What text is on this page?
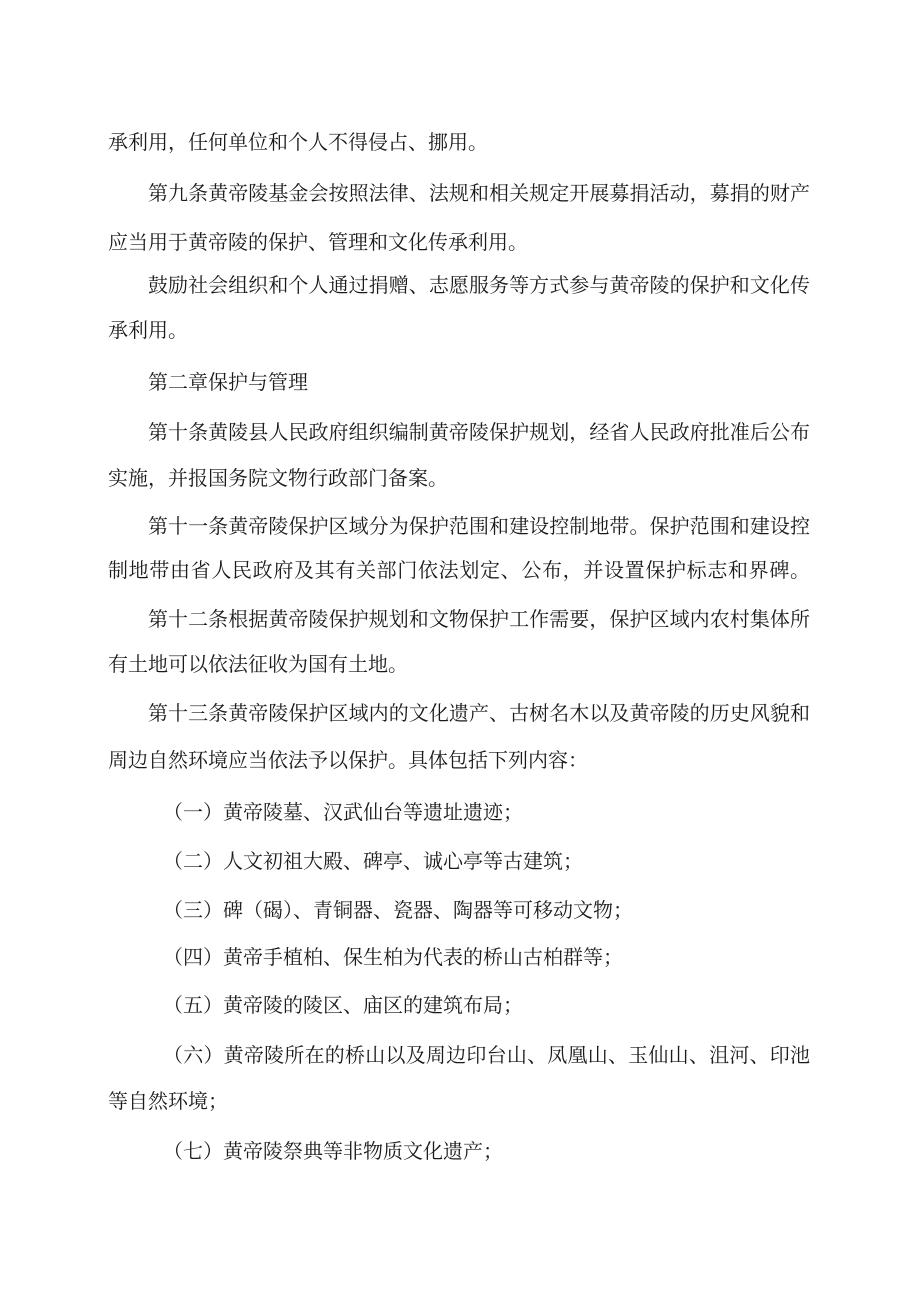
承利用，任何单位和个人不得侵占、挪用。
第九条黄帝陵基金会按照法律、法规和相关规定开展募捐活动，募捐的财产
应当用于黄帝陵的保护、管理和文化传承利用。
鼓励社会组织和个人通过捐赠、志愿服务等方式参与黄帝陵的保护和文化传
承利用。
第二章保护与管理
第十条黄陵县人民政府组织编制黄帝陵保护规划，经省人民政府批准后公布
实施，并报国务院文物行政部门备案。
第十一条黄帝陵保护区域分为保护范围和建设控制地带。保护范围和建设控
制地带由省人民政府及其有关部门依法划定、公布，并设置保护标志和界碑。
第十二条根据黄帝陵保护规划和文物保护工作需要，保护区域内农村集体所
有土地可以依法征收为国有土地。
第十三条黄帝陵保护区域内的文化遗产、古树名木以及黄帝陵的历史风貌和
周边自然环境应当依法予以保护。具体包括下列内容：
（一）黄帝陵墓、汉武仙台等遗址遗迹；
（二）人文初祖大殿、碑亭、诚心亭等古建筑；
（三）碑（碣）、青铜器、瓷器、陶器等可移动文物；
（四）黄帝手植柏、保生柏为代表的桥山古柏群等；
（五）黄帝陵的陵区、庙区的建筑布局；
（六）黄帝陵所在的桥山以及周边印台山、凤凰山、玉仙山、沮河、印池
等自然环境；
（七）黄帝陵祭典等非物质文化遗产；
